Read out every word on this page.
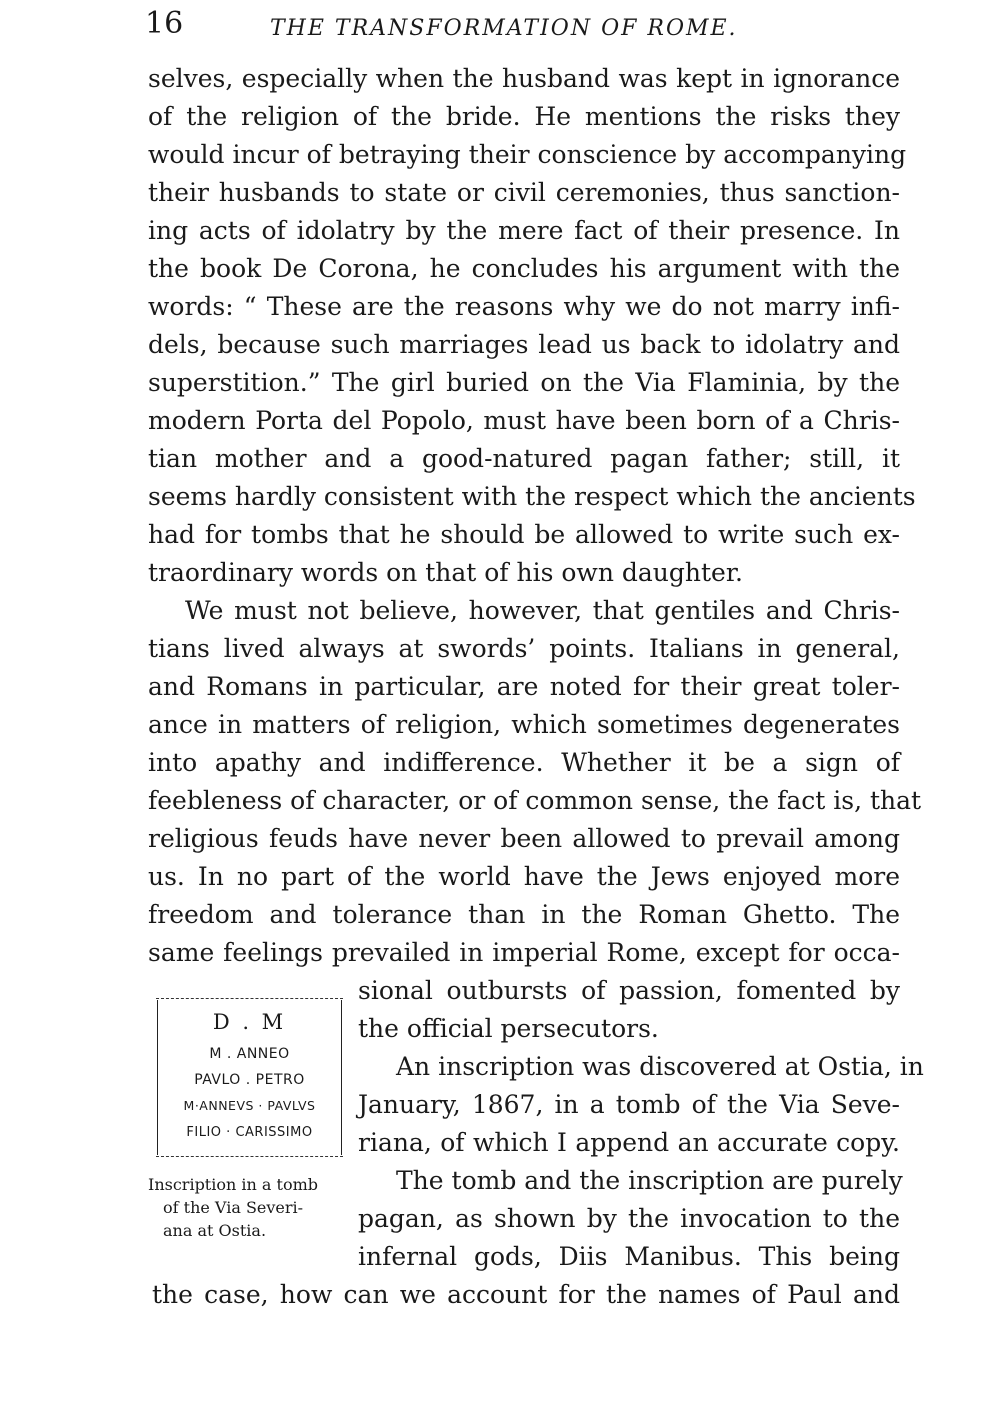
16	THE TRANSFORMATION OF ROME.
selves, especially when the husband was kept in ignorance
of the religion of the bride. He mentions the risks they
would incur of betraying their conscience by accompanying
their husbands to state or civil ceremonies, thus sanction-
ing acts of idolatry by the mere fact of their presence. In
the book De Corona, he concludes his argument with the
words: “ These are the reasons why we do not marry infi-
dels, because such marriages lead us back to idolatry and
superstition.” The girl buried on the Via Flaminia, by the
modern Porta del Popolo, must have been born of a Chris-
tian mother and a good-natured pagan father; still, it
seems hardly consistent with the respect which the ancients
had for tombs that he should be allowed to write such ex-
traordinary words on that of his own daughter.
We must not believe, however, that gentiles and Chris-
tians lived always at swords’ points. Italians in general,
and Romans in particular, are noted for their great toler-
ance in matters of religion, which sometimes degenerates
into apathy and indifference. Whether it be a sign of
feebleness of character, or of common sense, the fact is, that
religious feuds have never been allowed to prevail among
us. In no part of the world have the Jews enjoyed more
freedom and tolerance than in the Roman Ghetto. The
same feelings prevailed in imperial Rome, except for occa-
sional outbursts of passion, fomented by
the official persecutors.
An inscription was discovered at Ostia, in
January, 1867, in a tomb of the Via Seve-
riana, of which I append an accurate copy.
The tomb and the inscription are purely
pagan, as shown by the invocation to the
infernal gods, Diis Manibus. This being
the case, how can we account for the names of Paul and
D . M
M . ANNEO
PAVLO . PETRO
M·ANNEVS · PAVLVS
FILIO · CARISSIMO
Inscription in a tomb
of the Via Severi-
ana at Ostia.
